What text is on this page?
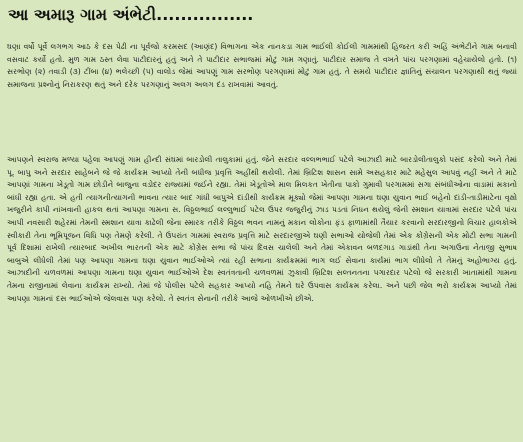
આ અમારૂ ગામ અંભેટી................

ઘણા વર્ષો પૂર્વે લગભગ આઠ કે દસ પેઢી ના પૂર્વજો કરમસદ (આણંદ) વિભાગના એક નાનકડા ગામ ભાઈલી કોઈલી ગામમાંથી હિજરત કરી અહિં અંભેટીને ગામ બનાવી વસવાટ કર્યો હતો. મુળ ગામ ઠસ્ત લેવા પાટીદારનું હતું અને તે પાટીદાર સભાજમાં મોટું ગામ ગણાતું. પાટીદાર સમાજ તે વખતે પાંચ પરગણામાં વહેચાયેલો હતો. (૧) સરભોણ (૨) તવાડી (૩) ટીંબા (૪) ભલેચ્છી (૫) વાલોડ જેમાં આપણું ગામ સરભોણ પરગણામાં મોટું ગામ હતું. તે સમયે પાટીદાર જ્ઞાતિનું સંચાલન પરગણાથી થતું જ્યાં સમાજના પ્રશ્નોનું નિરાકરણ થતું અને દરેક પરગણાનું અલગ અલગ દંડ રાખવામાં આવતું.

આપણને સ્વરાજ મળ્યા પહેલા આપણું ગામ હીન્દી સંઘમાં બારડોલી તાલુકામાં હતું. જેને સરદાર વલ્લભભાઈ પટેલે આઝાદી માટે બારડોલીતાલુકો પસંદ કરેલો અને તેમાં પૂ. બાપુ અને સરદાર સાહેબને જે જે કાર્યક્રમ આપ્યો તેની બધીજ પ્રવૃત્તિ અહીંથી થયેલી. તેમાં બ્રિટિશ શાસન સામે અસહકાર માટે મહેસુલ આપવું નહીં અને તે માટે આપણાં ગામના ખેડૂતો ગામ છોડીને બાજુના વડોદર રાજ્યમાં જઈને રહ્યા. તેમાં ખેડૂતોએ માલ મિલકત ખેતીના પાકો ગુમાવી પરગામમાં સગા સંબંધીઓના વાડામાં મકાનો બાંધી રહ્યા હતા. એ હતી ત્યાગનીત્યાગની ભાવના ત્યાર બાદ ગાંધી બાપુએ દાંડીથી કાર્યક્રમ મૂક્યો જેમાં આપણા ગામના ઘણા યુવાન ભાઈ બહેનો દાંડી-તાડીમાટેના વૃક્ષો ખજુરીને કાપી નાંખવાની હાકલ થતાં આપણા ગામના સ. વિઠ્ઠલભાઈ લલ્લુભાઈ પટેલ ઉપર જજુરીનું ઝાડ પડતાં નિધન થયેલું જેની સ્મશાન યાત્રામાં સરદાર પટેલે પાંચ આપી નવસારી શહેરમાં તેમની સ્મશાન યાત્રા કાઢેલી જેના સ્મારક તરીકે વિઠ્ઠલ ભવન નામનું મકાન લોકોના ફંડ ફાળામાંથી તૈયાર કરવાનો સરદારજીનો વિચાર હાલકોએ સ્વીકારી તેના ભૂમિપૂજન વિધિ પણ તેમણે કરેલી. તે ઉપરાંત ગામમાં સ્વરાજ પ્રવૃત્તિ માટે સરદારજીએ ઘણી સભાઓ યોજેલી તેમાં એક કોંગ્રેસની એક મોટી સભા ગામની પૂર્વ દિશામાં રાખેલી ત્યારબાદ અખીલ ભારતની એક માટે કોંગ્રેસ સભા જે પાંચ દિવસ ચાલેલી અને તેમાં એકાવન બળદગાડ ગાડાંથી તેના અગાઉના નેતાજી સુભાષ બાબુએ લીધેલી તેમાં પણ આપણા ગામના ઘણા યુવાન ભાઈઓએ ત્યાં રહી સભાના કાર્યક્રમમાં ભાગ લઈ સેવાના કાર્યમાં ભાગ લીધેલો તે તેમનું અહોભાગ્ય હતું. આઝાદીની ચળવળમાં આપણા ગામના ઘણા યુવાન ભાઈઓએ દેશ સ્વતંત્રતાની ચળવળમાં ઝુકાવી બ્રિટિશ સલ્તનતના પગારદાર પટેલો જે સરકારી ખાતામાંથી ગામના તેમના રાજીનામાં લેવાના કાર્યક્રમ રાખ્યો. તેમાં જે પોલીસ પટેલે સહકાર આપ્યો નહિ તેમને ઘરે ઉપવાસ કાર્યક્રમ કરેલા. અને પછી જેલ ભરો કાર્યક્રમ આપ્યો તેમાં આપણા ગામનાં દસ ભાઈઓએ જેલવાસ પણ કરેલો. તે સ્વતંત્ર સેનાની તરીકે આજે ઓળખીએ છીએ.
